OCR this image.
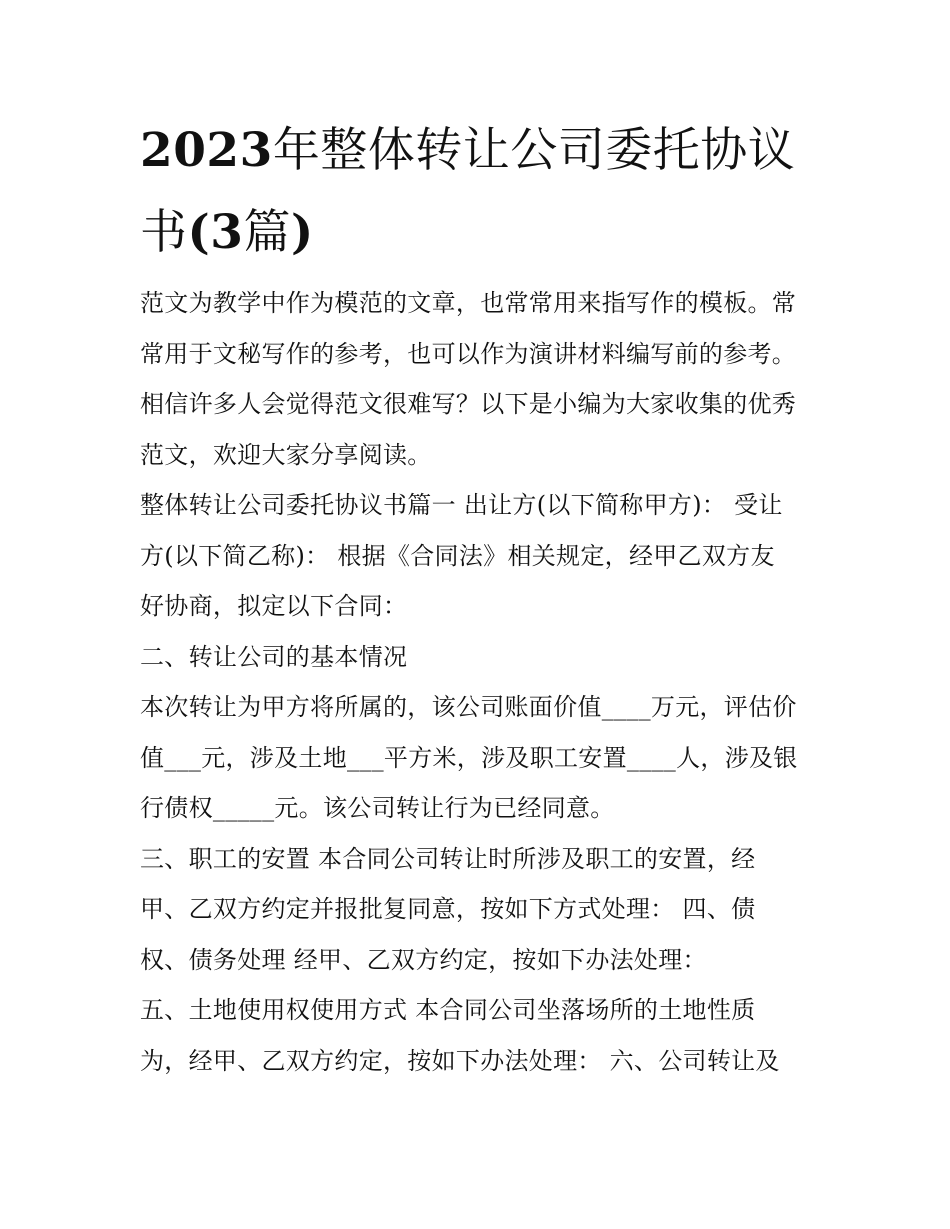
2023年整体转让公司委托协议
书(3篇)
范文为教学中作为模范的文章，也常常用来指写作的模板。常
常用于文秘写作的参考，也可以作为演讲材料编写前的参考。
相信许多人会觉得范文很难写？以下是小编为大家收集的优秀
范文，欢迎大家分享阅读。
整体转让公司委托协议书篇一 出让方(以下简称甲方)： 受让
方(以下简乙称)： 根据《合同法》相关规定，经甲乙双方友
好协商，拟定以下合同：
二、转让公司的基本情况
本次转让为甲方将所属的，该公司账面价值____万元，评估价
值___元，涉及土地___平方米，涉及职工安置____人，涉及银
行债权_____元。该公司转让行为已经同意。
三、职工的安置 本合同公司转让时所涉及职工的安置，经
甲、乙双方约定并报批复同意，按如下方式处理： 四、债
权、债务处理 经甲、乙双方约定，按如下办法处理：
五、土地使用权使用方式 本合同公司坐落场所的土地性质
为，经甲、乙双方约定，按如下办法处理： 六、公司转让及
